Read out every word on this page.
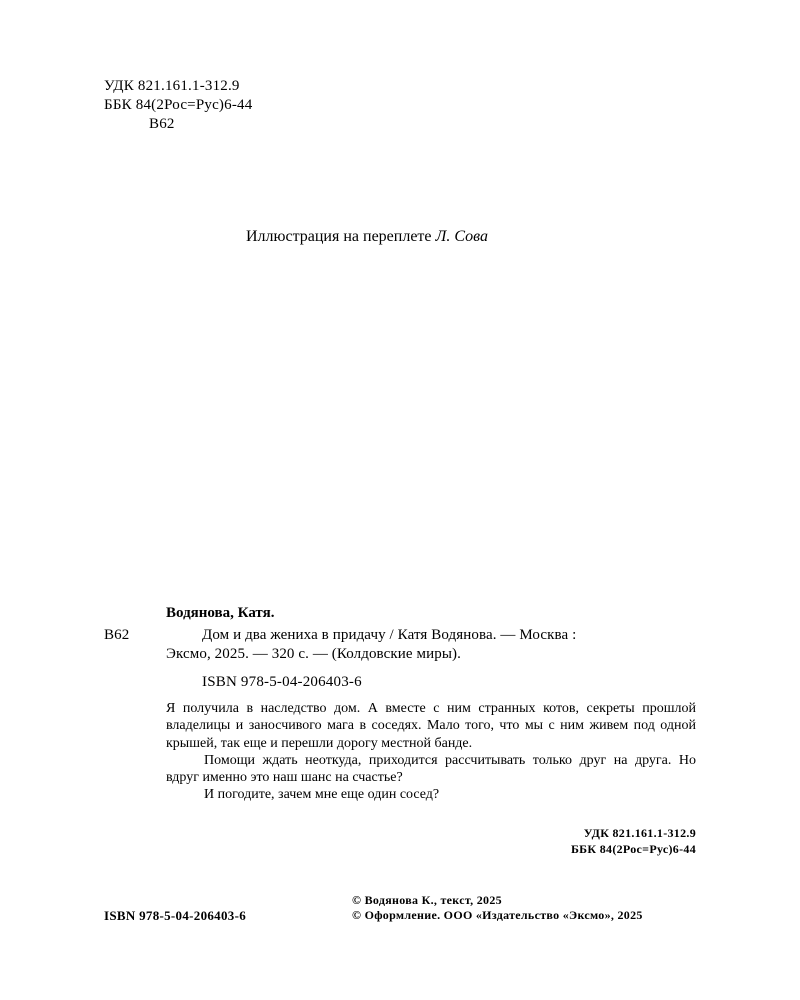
УДК 821.161.1-312.9
ББК 84(2Рос=Рус)6-44
В62
Иллюстрация на переплете Л. Сова
Водянова, Катя.
В62	Дом и два жениха в придачу / Катя Водянова. — Москва :
Эксмо, 2025. — 320 с. — (Колдовские миры).
ISBN 978-5-04-206403-6

Я получила в наследство дом. А вместе с ним странных котов, секреты прошлой владелицы и заносчивого мага в соседях. Мало того, что мы с ним живем под одной крышей, так еще и перешли дорогу местной банде.

Помощи ждать неоткуда, приходится рассчитывать только друг на друга. Но вдруг именно это наш шанс на счастье?

И погодите, зачем мне еще один сосед?

УДК 821.161.1-312.9
ББК 84(2Рос=Рус)6-44
ISBN 978-5-04-206403-6
© Водянова К., текст, 2025
© Оформление. ООО «Издательство «Эксмо», 2025
